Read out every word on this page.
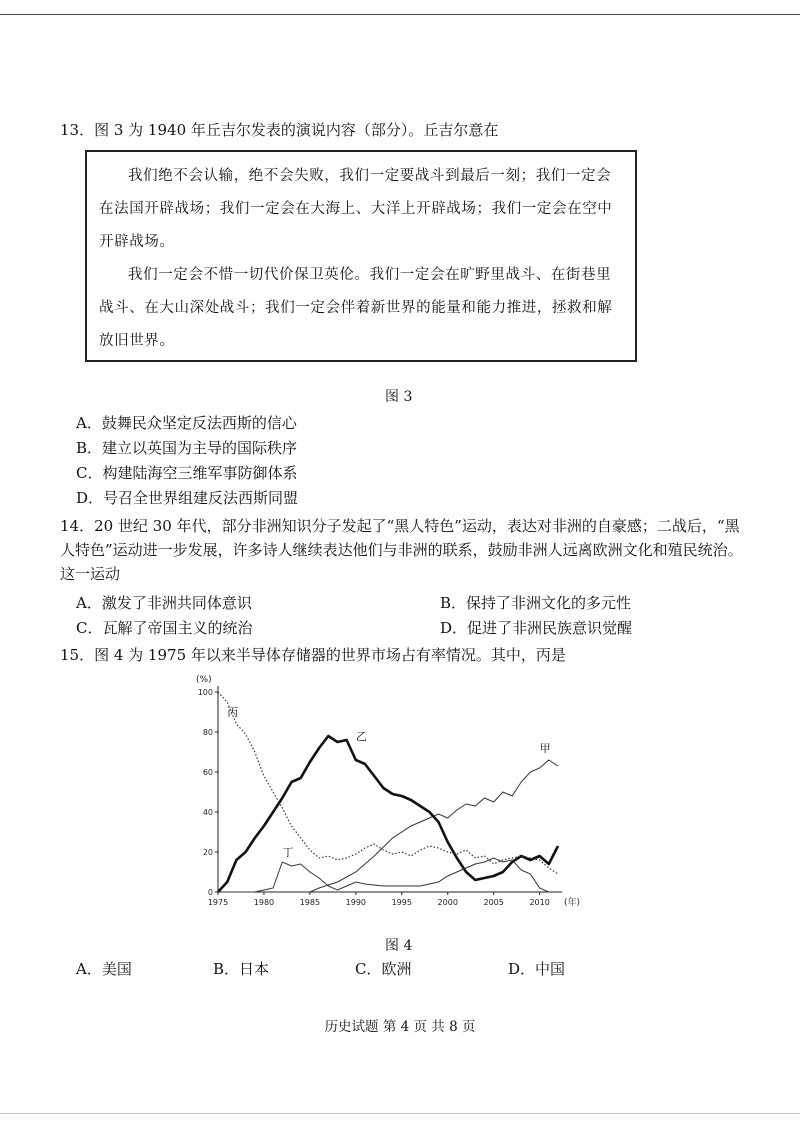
13．图 3 为 1940 年丘吉尔发表的演说内容（部分）。丘吉尔意在

我们绝不会认输，绝不会失败，我们一定要战斗到最后一刻；我们一定会在法国开辟战场；我们一定会在大海上、大洋上开辟战场；我们一定会在空中开辟战场。

我们一定会不惜一切代价保卫英伦。我们一定会在旷野里战斗、在街巷里战斗、在大山深处战斗；我们一定会伴着新世界的能量和能力推进，拯救和解放旧世界。

图 3
A．鼓舞民众坚定反法西斯的信心
B．建立以英国为主导的国际秩序
C．构建陆海空三维军事防御体系
D．号召全世界组建反法西斯同盟
14．20 世纪 30 年代，部分非洲知识分子发起了“黑人特色”运动，表达对非洲的自豪感；二战后，“黑人特色”运动进一步发展，许多诗人继续表达他们与非洲的联系，鼓励非洲人远离欧洲文化和殖民统治。这一运动
A．激发了非洲共同体意识	B．保持了非洲文化的多元性
C．瓦解了帝国主义的统治	D．促进了非洲民族意识觉醒
15．图 4 为 1975 年以来半导体存储器的世界市场占有率情况。其中，丙是
(%)
(年)
0
20
40
60
80
100
1975	1980	1985	1990	1995	2000	2005	2010
丙
乙
甲
丁
图 4
A．美国	B．日本	C．欧洲	D．中国
历史试题 第 4 页 共 8 页
